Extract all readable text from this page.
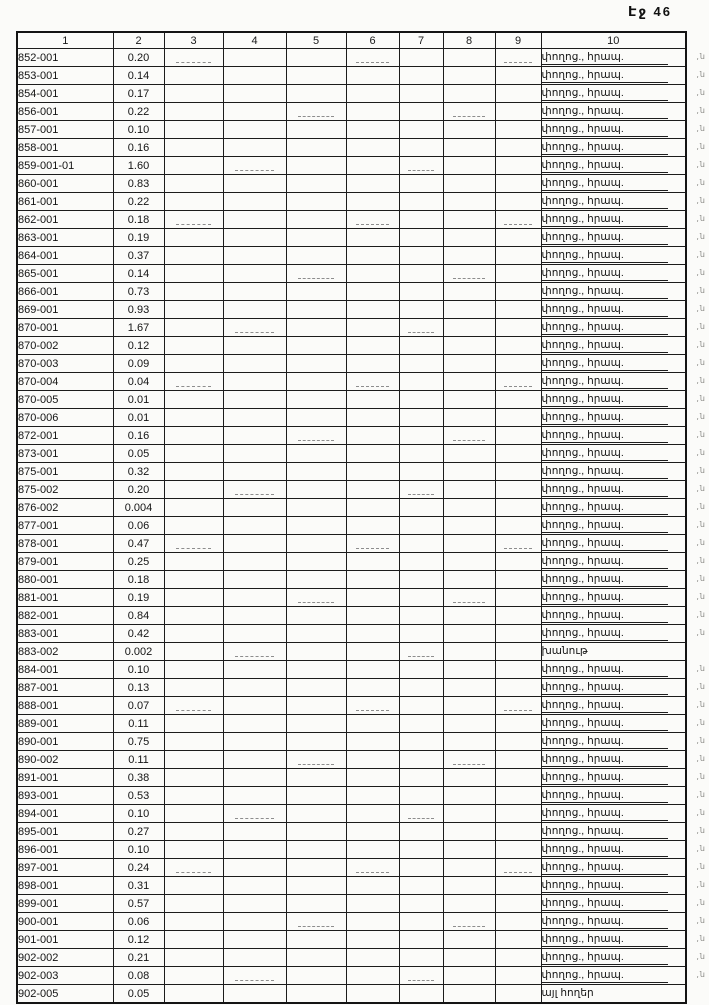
Էջ 46
1	2	3	4	5	6	7	8	9	10
852-001	0.20								փողոց., հրապ. ,ն

853-001	0.14								փողոց., հրապ. ,ն

854-001	0.17								փողոց., հրապ. ,ն

856-001	0.22								փողոց., հրապ. ,ն

857-001	0.10								փողոց., հրապ. ,ն

858-001	0.16								փողոց., հրապ. ,ն

859-001-01	1.60								փողոց., հրապ. ,ն

860-001	0.83								փողոց., հրապ. ,ն

861-001	0.22								փողոց., հրապ. ,ն

862-001	0.18								փողոց., հրապ. ,ն

863-001	0.19								փողոց., հրապ. ,ն

864-001	0.37								փողոց., հրապ. ,ն

865-001	0.14								փողոց., հրապ. ,ն

866-001	0.73								փողոց., հրապ. ,ն

869-001	0.93								փողոց., հրապ. ,ն

870-001	1.67								փողոց., հրապ. ,ն

870-002	0.12								փողոց., հրապ. ,ն

870-003	0.09								փողոց., հրապ. ,ն

870-004	0.04								փողոց., հրապ. ,ն

870-005	0.01								փողոց., հրապ. ,ն

870-006	0.01								փողոց., հրապ. ,ն

872-001	0.16								փողոց., հրապ. ,ն

873-001	0.05								փողոց., հրապ. ,ն

875-001	0.32								փողոց., հրապ. ,ն

875-002	0.20								փողոց., հրապ. ,ն

876-002	0.004								փողոց., հրապ. ,ն

877-001	0.06								փողոց., հրապ. ,ն

878-001	0.47								փողոց., հրապ. ,ն

879-001	0.25								փողոց., հրապ. ,ն

880-001	0.18								փողոց., հրապ. ,ն

881-001	0.19								փողոց., հրապ. ,ն

882-001	0.84								փողոց., հրապ. ,ն

883-001	0.42								փողոց., հրապ. ,ն

883-002	0.002								խանութ
884-001	0.10								փողոց., հրապ. ,ն

887-001	0.13								փողոց., հրապ. ,ն

888-001	0.07								փողոց., հրապ. ,ն

889-001	0.11								փողոց., հրապ. ,ն

890-001	0.75								փողոց., հրապ. ,ն

890-002	0.11								փողոց., հրապ. ,ն

891-001	0.38								փողոց., հրապ. ,ն

893-001	0.53								փողոց., հրապ. ,ն

894-001	0.10								փողոց., հրապ. ,ն

895-001	0.27								փողոց., հրապ. ,ն

896-001	0.10								փողոց., հրապ. ,ն

897-001	0.24								փողոց., հրապ. ,ն

898-001	0.31								փողոց., հրապ. ,ն

899-001	0.57								փողոց., հրապ. ,ն

900-001	0.06								փողոց., հրապ. ,ն

901-001	0.12								փողոց., հրապ. ,ն

902-002	0.21								փողոց., հրապ. ,ն

902-003	0.08								փողոց., հրապ. ,ն

902-005	0.05								այլ հողեր
